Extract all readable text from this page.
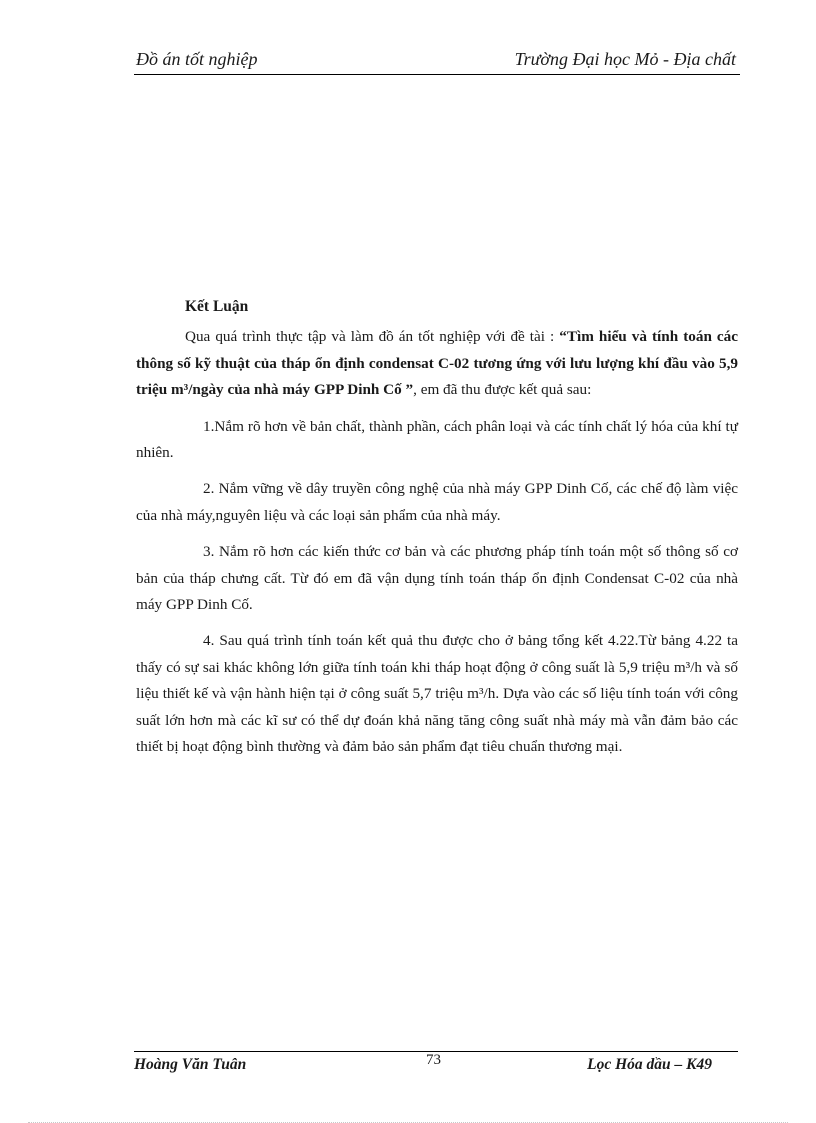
Đồ án tốt nghiệp	Trường Đại học Mỏ - Địa chất
Kết Luận

Qua quá trình thực tập và làm đồ án tốt nghiệp với đề tài : “Tìm hiểu và tính toán các thông số kỹ thuật của tháp ổn định condensat C-02 tương ứng với lưu lượng khí đầu vào 5,9 triệu m³/ngày của nhà máy GPP Dinh Cố ”, em đã thu được kết quả sau:

1.Nắm rõ hơn về bản chất, thành phần, cách phân loại và các tính chất lý hóa của khí tự nhiên.

2. Nắm vững về dây truyền công nghệ của nhà máy GPP Dinh Cố, các chế độ làm việc của nhà máy,nguyên liệu và các loại sản phẩm của nhà máy.

3. Nắm rõ hơn các kiến thức cơ bản và các phương pháp tính toán một số thông số cơ bản của tháp chưng cất. Từ đó em đã vận dụng tính toán tháp ổn định Condensat C-02 của nhà máy GPP Dinh Cố.

4. Sau quá trình tính toán kết quả thu được cho ở bảng tổng kết 4.22.Từ bảng 4.22 ta thấy có sự sai khác không lớn giữa tính toán khi tháp hoạt động ở công suất là 5,9 triệu m³/h và số liệu thiết kế và vận hành hiện tại ở công suất 5,7 triệu m³/h. Dựa vào các số liệu tính toán với công suất lớn hơn mà các kĩ sư có thể dự đoán khả năng tăng công suất nhà máy mà vẫn đảm bảo các thiết bị hoạt động bình thường và đảm bảo sản phẩm đạt tiêu chuẩn thương mại.

Hoàng Văn Tuân	73	Lọc Hóa dầu – K49
